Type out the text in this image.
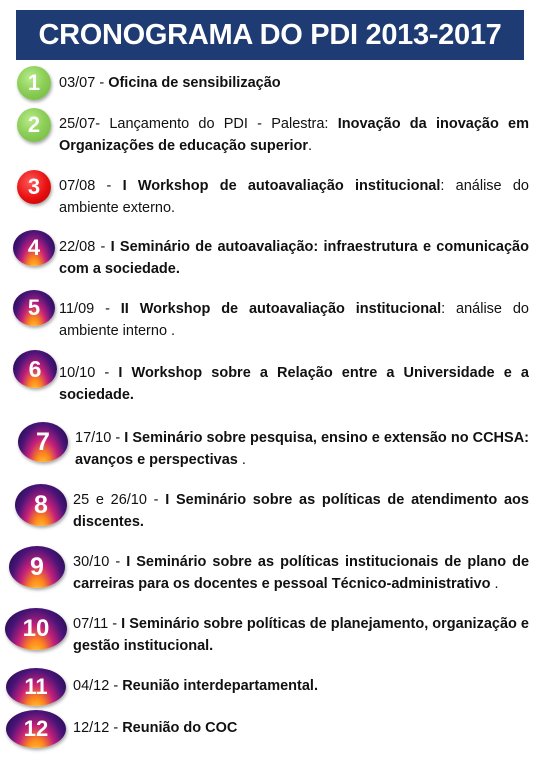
CRONOGRAMA DO PDI 2013-2017
1 03/07 - Oficina de sensibilização
2 25/07- Lançamento do PDI - Palestra: Inovação da inovação em Organizações de educação superior.
3 07/08 - I Workshop de autoavaliação institucional: análise do ambiente externo.
4 22/08 - I Seminário de autoavaliação: infraestrutura e comunicação com a sociedade.
5 11/09 - II Workshop de autoavaliação institucional: análise do ambiente interno .
6 10/10 - I Workshop sobre a Relação entre a Universidade e a sociedade.
7 17/10 - I Seminário sobre pesquisa, ensino e extensão no CCHSA: avanços e perspectivas .
8 25 e 26/10 - I Seminário sobre as políticas de atendimento aos discentes.
9 30/10 - I Seminário sobre as políticas institucionais de plano de carreiras para os docentes e pessoal Técnico-administrativo .
10 07/11 - I Seminário sobre políticas de planejamento, organização e gestão institucional.
11 04/12 - Reunião interdepartamental.
12 12/12 - Reunião do COC
